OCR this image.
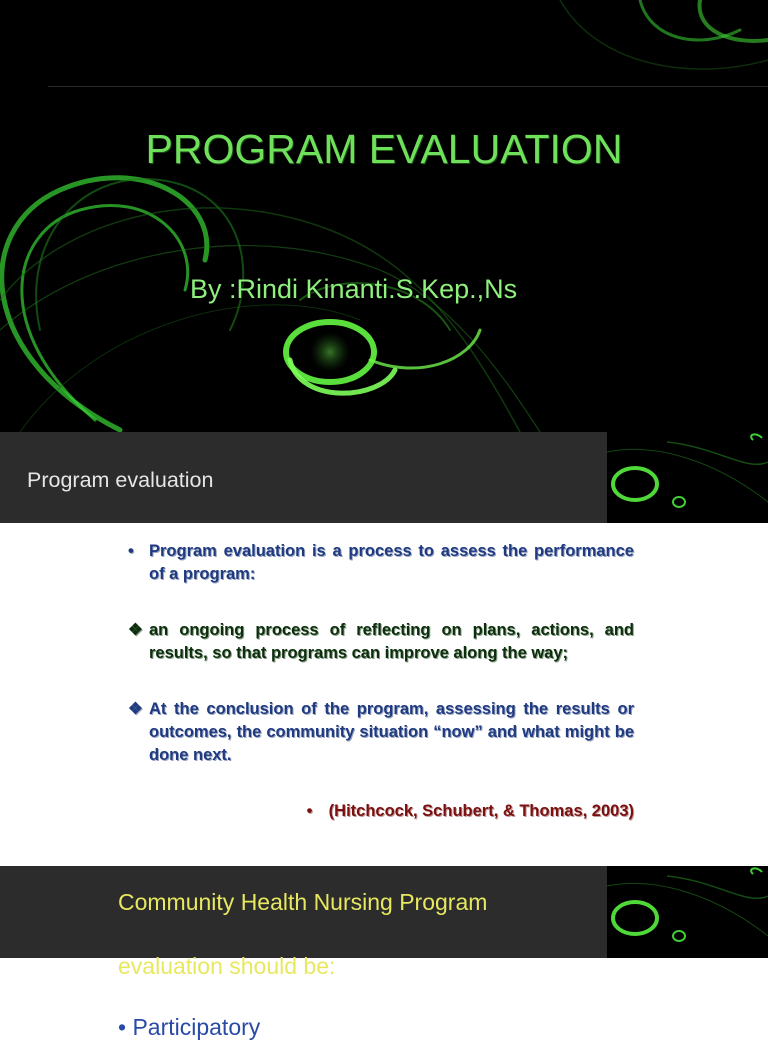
PROGRAM EVALUATION
By :Rindi Kinanti.S.Kep.,Ns
Program evaluation
• Program evaluation is a process to assess the performance of a program:
❖ an ongoing process of reflecting on plans, actions, and results, so that programs can improve along the way;
❖ At the conclusion of the program, assessing the results or outcomes, the community situation “now” and what might be done next.
• (Hitchcock, Schubert, & Thomas, 2003)
Community Health Nursing Program
evaluation should be:
• Participatory
